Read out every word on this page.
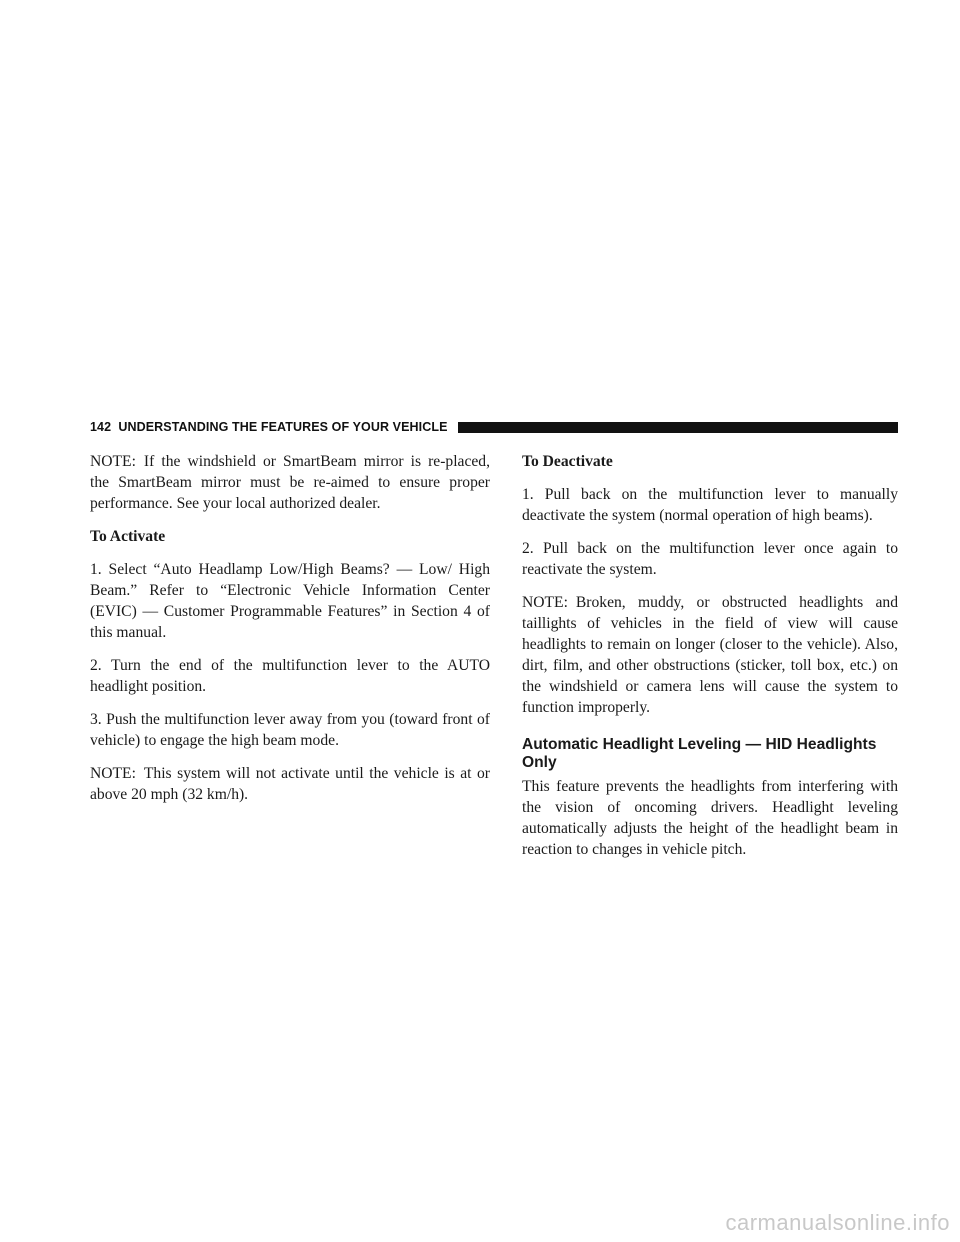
142 UNDERSTANDING THE FEATURES OF YOUR VEHICLE

NOTE: If the windshield or SmartBeam mirror is re-placed, the SmartBeam mirror must be re-aimed to ensure proper performance. See your local authorized dealer.

To Activate

1. Select “Auto Headlamp Low/High Beams? — Low/ High Beam.” Refer to “Electronic Vehicle Information Center (EVIC) — Customer Programmable Features” in Section 4 of this manual.

2. Turn the end of the multifunction lever to the AUTO headlight position.

3. Push the multifunction lever away from you (toward front of vehicle) to engage the high beam mode.

NOTE: This system will not activate until the vehicle is at or above 20 mph (32 km/h).

To Deactivate

1. Pull back on the multifunction lever to manually deactivate the system (normal operation of high beams).

2. Pull back on the multifunction lever once again to reactivate the system.

NOTE: Broken, muddy, or obstructed headlights and taillights of vehicles in the field of view will cause headlights to remain on longer (closer to the vehicle). Also, dirt, film, and other obstructions (sticker, toll box, etc.) on the windshield or camera lens will cause the system to function improperly.

Automatic Headlight Leveling — HID Headlights Only

This feature prevents the headlights from interfering with the vision of oncoming drivers. Headlight leveling automatically adjusts the height of the headlight beam in reaction to changes in vehicle pitch.

carmanualsonline.info
